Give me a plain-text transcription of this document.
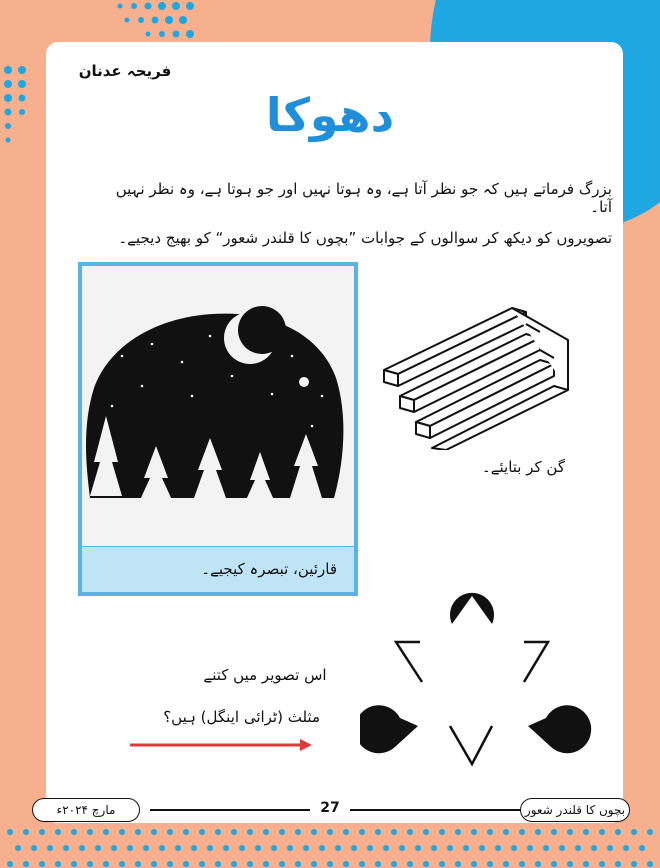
فریحہ عدنان
دھوکا
بزرگ فرماتے ہیں کہ جو نظر آتا ہے، وہ ہوتا نہیں اور جو ہوتا ہے، وہ نظر نہیں آتا۔
تصویروں کو دیکھ کر سوالوں کے جوابات ”بچوں کا قلندر شعور“ کو بھیج دیجیے۔
قارئین، تبصرہ کیجیے۔
گن کر بتایئے۔
اس تصویر میں کتنے
مثلث (ٹرائی اینگل) ہیں؟
مارچ ۲۰۲۴ء	27	بچوں کا قلندر شعور
